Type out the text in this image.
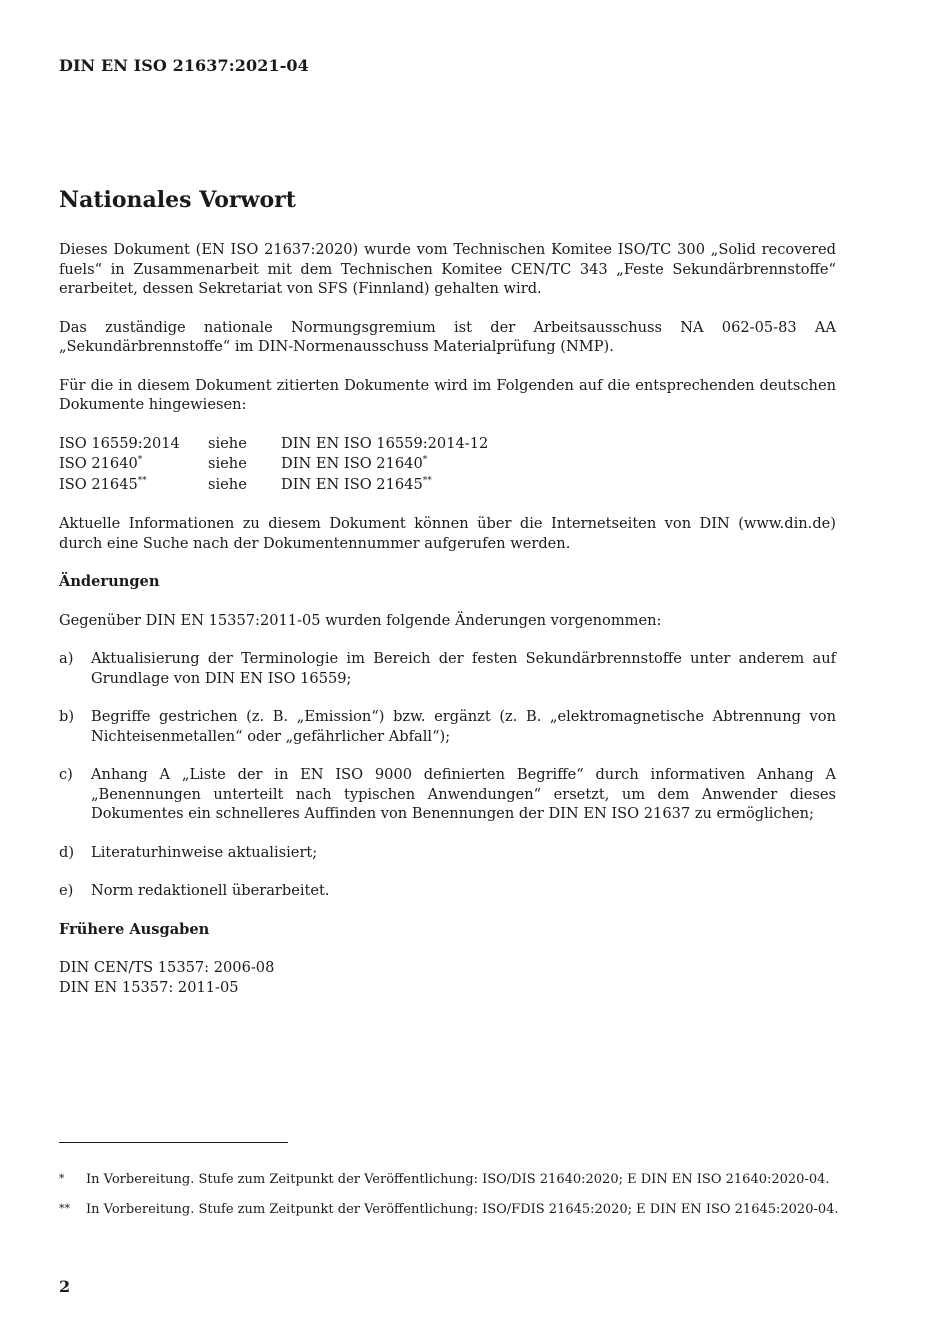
DIN EN ISO 21637:2021-04
Nationales Vorwort

Dieses Dokument (EN ISO 21637:2020) wurde vom Technischen Komitee ISO/TC 300 „Solid recovered fuels“ in Zusammenarbeit mit dem Technischen Komitee CEN/TC 343 „Feste Sekundärbrennstoffe“ erarbeitet, dessen Sekretariat von SFS (Finnland) gehalten wird.

Das zuständige nationale Normungsgremium ist der Arbeitsausschuss NA 062-05-83 AA „Sekundärbrennstoffe“ im DIN-Normenausschuss Materialprüfung (NMP).

Für die in diesem Dokument zitierten Dokumente wird im Folgenden auf die entsprechenden deutschen Dokumente hingewiesen:

ISO 16559:2014	siehe	DIN EN ISO 16559:2014-12
ISO 21640*	siehe	DIN EN ISO 21640*
ISO 21645**	siehe	DIN EN ISO 21645**

Aktuelle Informationen zu diesem Dokument können über die Internetseiten von DIN (www.din.de) durch eine Suche nach der Dokumentennummer aufgerufen werden.

Änderungen

Gegenüber DIN EN 15357:2011-05 wurden folgende Änderungen vorgenommen:

a)	Aktualisierung der Terminologie im Bereich der festen Sekundärbrennstoffe unter anderem auf Grundlage von DIN EN ISO 16559;
b)	Begriffe gestrichen (z. B. „Emission“) bzw. ergänzt (z. B. „elektromagnetische Abtrennung von Nichteisenmetallen“ oder „gefährlicher Abfall“);
c)	Anhang A „Liste der in EN ISO 9000 definierten Begriffe“ durch informativen Anhang A „Benennungen unterteilt nach typischen Anwendungen“ ersetzt, um dem Anwender dieses Dokumentes ein schnelleres Auffinden von Benennungen der DIN EN ISO 21637 zu ermöglichen;
d)	Literaturhinweise aktualisiert;
e)	Norm redaktionell überarbeitet.
Frühere Ausgaben
DIN CEN/TS 15357: 2006-08
DIN EN 15357: 2011-05
*	In Vorbereitung. Stufe zum Zeitpunkt der Veröffentlichung: ISO/DIS 21640:2020; E DIN EN ISO 21640:2020-04.
**	In Vorbereitung. Stufe zum Zeitpunkt der Veröffentlichung: ISO/FDIS 21645:2020; E DIN EN ISO 21645:2020-04.

2
